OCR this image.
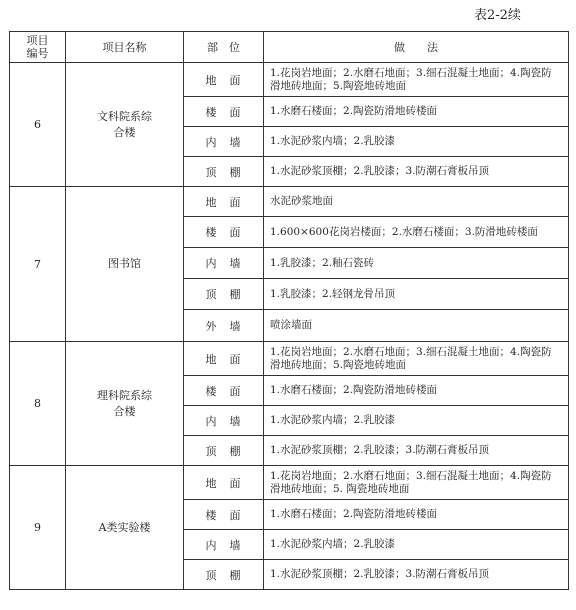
表2-2续
项目编号	项目名称	部　位	做　　法
6	文科院系综合楼	地　面	1.花岗岩地面；2.水磨石地面；3.细石混凝土地面；4.陶瓷防滑地砖地面；5.陶瓷地砖地面
		楼　面	1.水磨石楼面；2.陶瓷防滑地砖楼面
		内　墙	1.水泥砂浆内墙；2.乳胶漆
		顶　棚	1.水泥砂浆顶棚；2.乳胶漆；3.防潮石膏板吊顶
7	图书馆	地　面	水泥砂浆地面
		楼　面	1.600×600花岗岩楼面；2.水磨石楼面；3.防滑地砖楼面
		内　墙	1.乳胶漆；2.釉石瓷砖
		顶　棚	1.乳胶漆；2.轻钢龙骨吊顶
		外　墙	喷涂墙面
8	理科院系综合楼	地　面	1.花岗岩地面；2.水磨石地面；3.细石混凝土地面；4.陶瓷防滑地砖地面；5.陶瓷地砖地面
		楼　面	1.水磨石楼面；2.陶瓷防滑地砖楼面
		内　墙	1.水泥砂浆内墙；2.乳胶漆
		顶　棚	1.水泥砂浆顶棚；2.乳胶漆；3.防潮石膏板吊顶
9	A类实验楼	地　面	1.花岗岩地面；2.水磨石地面；3.细石混凝土地面；4.陶瓷防滑地砖地面；5. 陶瓷地砖地面
		楼　面	1.水磨石楼面；2.陶瓷防滑地砖楼面
		内　墙	1.水泥砂浆内墙；2.乳胶漆
		顶　棚	1.水泥砂浆顶棚；2.乳胶漆；3.防潮石膏板吊顶
